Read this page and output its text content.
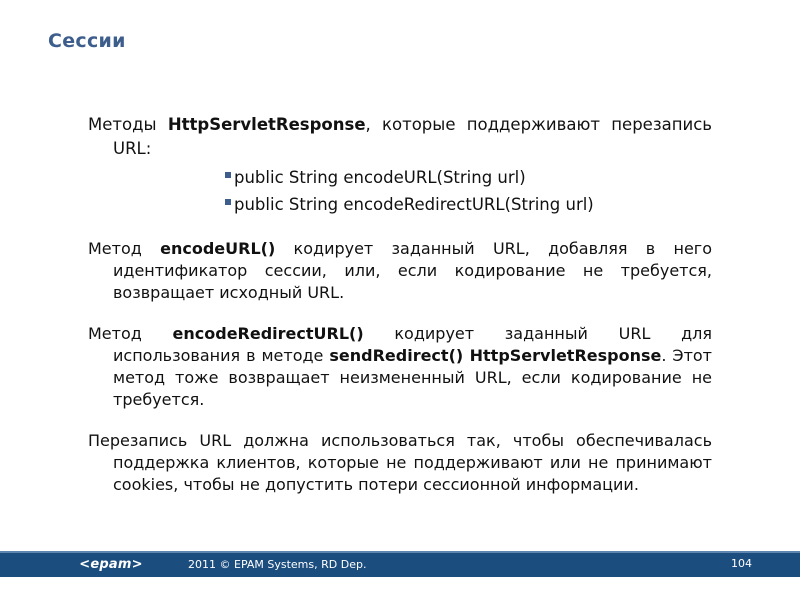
Сессии

Методы HttpServletResponse, которые поддерживают перезапись URL:

public String encodeURL(String url)
public String encodeRedirectURL(String url)

Метод encodeURL() кодирует заданный URL, добавляя в него идентификатор сессии, или, если кодирование не требуется, возвращает исходный URL.

Метод encodeRedirectURL() кодирует заданный URL для использования в методе sendRedirect() HttpServletResponse. Этот метод тоже возвращает неизмененный URL, если кодирование не требуется.

Перезапись URL должна использоваться так, чтобы обеспечивалась поддержка клиентов, которые не поддерживают или не принимают cookies, чтобы не допустить потери сессионной информации.

<epam>	2011 © EPAM Systems, RD Dep.	104
